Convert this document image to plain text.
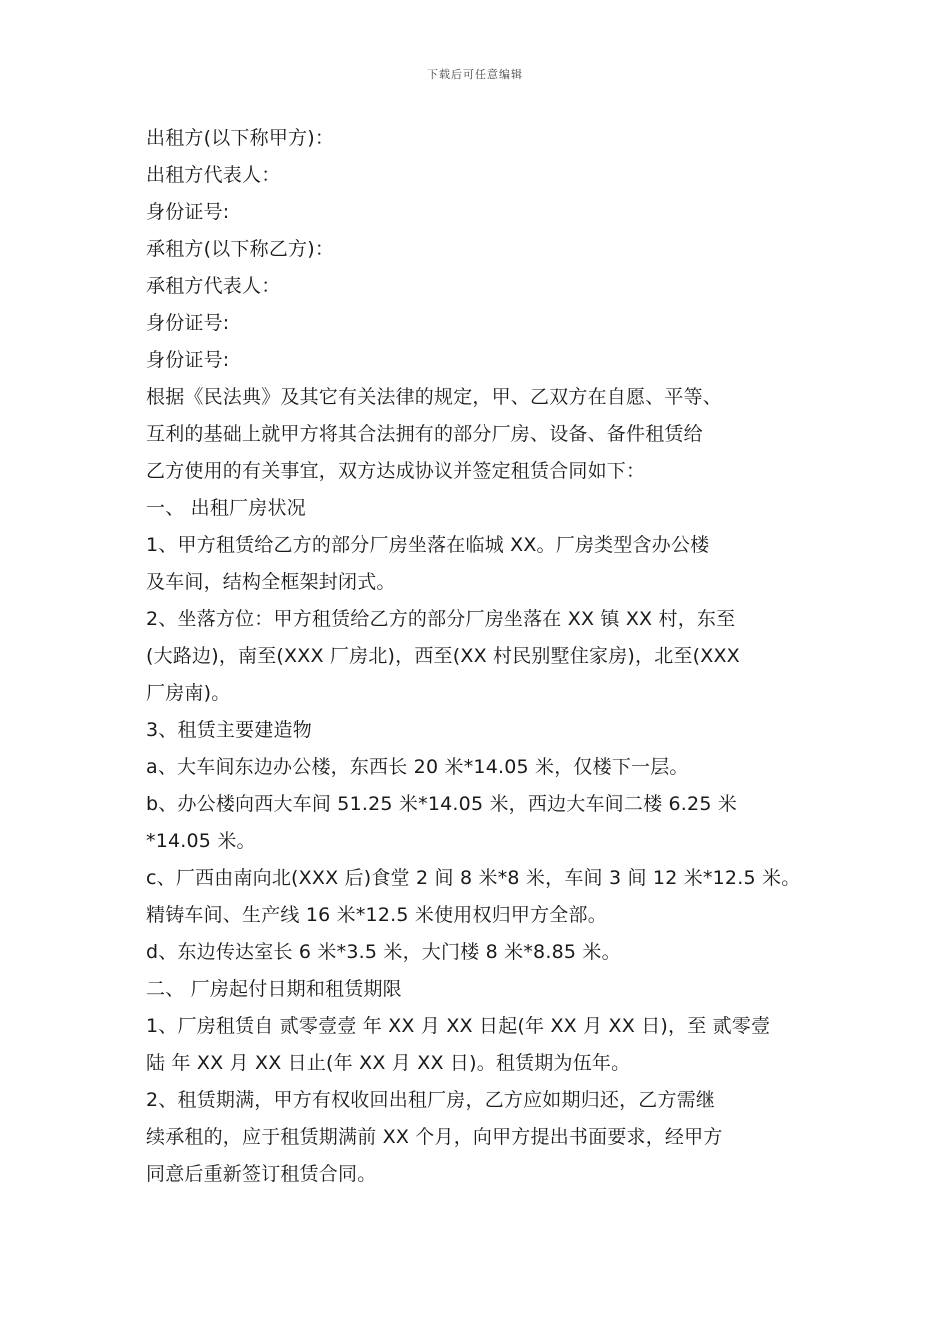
下载后可任意编辑
出租方(以下称甲方)：
出租方代表人：
身份证号:
承租方(以下称乙方)：
承租方代表人：
身份证号:
身份证号:
根据《民法典》及其它有关法律的规定，甲、乙双方在自愿、平等、
互利的基础上就甲方将其合法拥有的部分厂房、设备、备件租赁给
乙方使用的有关事宜，双方达成协议并签定租赁合同如下：
一、 出租厂房状况
1、甲方租赁给乙方的部分厂房坐落在临城 XX。厂房类型含办公楼
及车间，结构全框架封闭式。
2、坐落方位：甲方租赁给乙方的部分厂房坐落在 XX 镇 XX 村，东至
(大路边)，南至(XXX 厂房北)，西至(XX 村民别墅住家房)，北至(XXX
厂房南)。
3、租赁主要建造物
a、大车间东边办公楼，东西长 20 米*14.05 米，仅楼下一层。
b、办公楼向西大车间 51.25 米*14.05 米，西边大车间二楼 6.25 米
*14.05 米。
c、厂西由南向北(XXX 后)食堂 2 间 8 米*8 米，车间 3 间 12 米*12.5 米。
精铸车间、生产线 16 米*12.5 米使用权归甲方全部。
d、东边传达室长 6 米*3.5 米，大门楼 8 米*8.85 米。
二、 厂房起付日期和租赁期限
1、厂房租赁自 贰零壹壹 年 XX 月 XX 日起(年 XX 月 XX 日)，至 贰零壹
陆 年 XX 月 XX 日止(年 XX 月 XX 日)。租赁期为伍年。
2、租赁期满，甲方有权收回出租厂房，乙方应如期归还，乙方需继
续承租的，应于租赁期满前 XX 个月，向甲方提出书面要求，经甲方
同意后重新签订租赁合同。
